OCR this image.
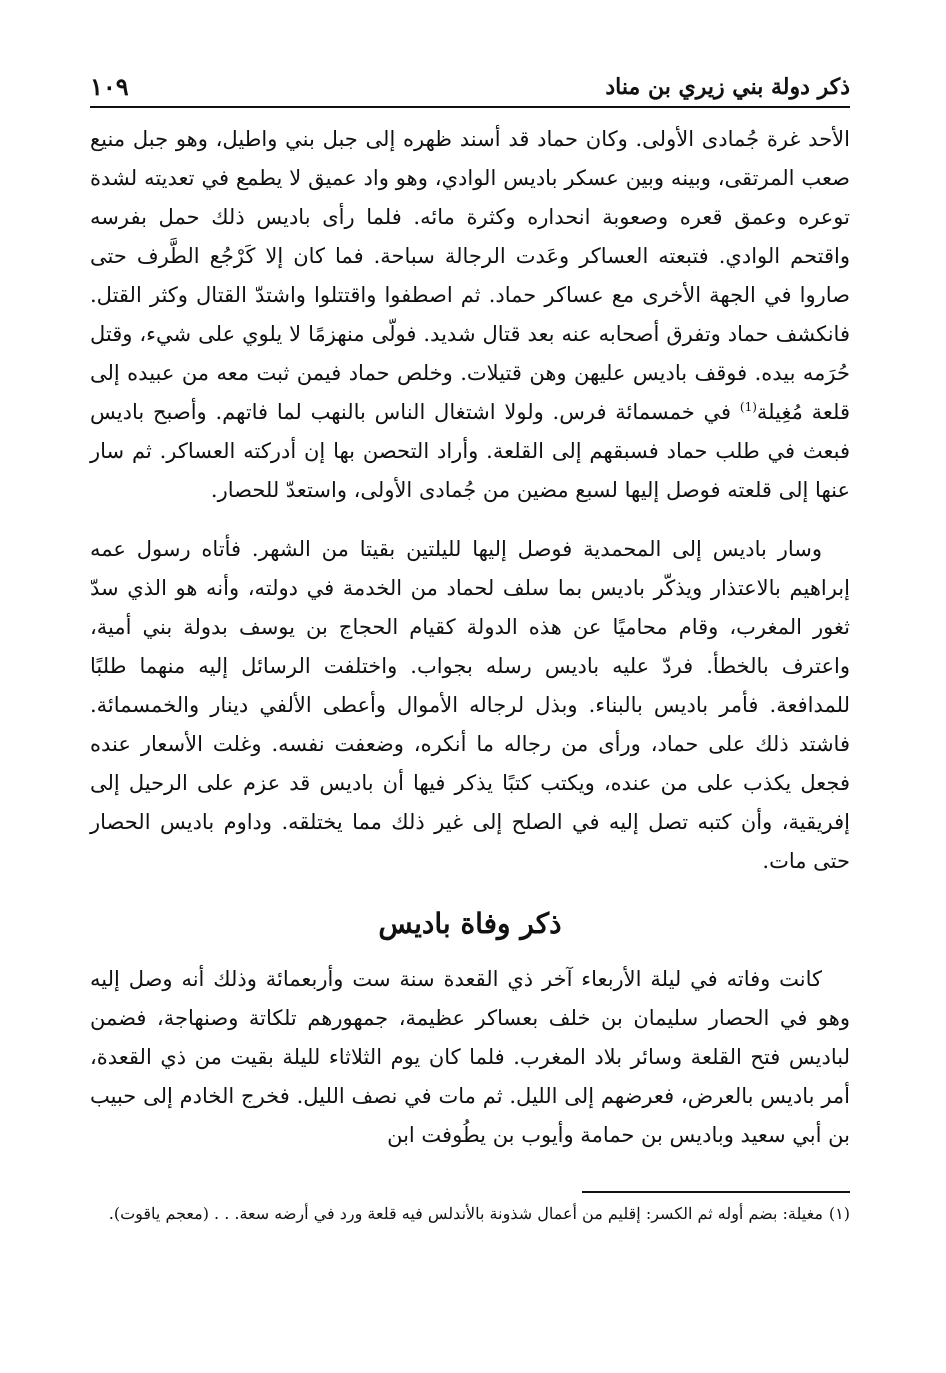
ذكر دولة بني زيري بن مناد
١٠٩

الأحد غرة جُمادى الأولى. وكان حماد قد أسند ظهره إلى جبل بني واطيل، وهو جبل منيع صعب المرتقى، وبينه وبين عسكر باديس الوادي، وهو واد عميق لا يطمع في تعديته لشدة توعره وعمق قعره وصعوبة انحداره وكثرة مائه. فلما رأى باديس ذلك حمل بفرسه واقتحم الوادي. فتبعته العساكر وعَدت الرجالة سباحة. فما كان إلا كَرْجُع الطَّرف حتى صاروا في الجهة الأخرى مع عساكر حماد. ثم اصطفوا واقتتلوا واشتدّ القتال وكثر القتل. فانكشف حماد وتفرق أصحابه عنه بعد قتال شديد. فولّى منهزمًا لا يلوي على شيء، وقتل حُرَمه بيده. فوقف باديس عليهن وهن قتيلات. وخلص حماد فيمن ثبت معه من عبيده إلى قلعة مُغِيلة$^{(1)}$ في خمسمائة فرس. ولولا اشتغال الناس بالنهب لما فاتهم. وأصبح باديس فبعث في طلب حماد فسبقهم إلى القلعة. وأراد التحصن بها إن أدركته العساكر. ثم سار عنها إلى قلعته فوصل إليها لسبع مضين من جُمادى الأولى، واستعدّ للحصار.

وسار باديس إلى المحمدية فوصل إليها لليلتين بقيتا من الشهر. فأتاه رسول عمه إبراهيم بالاعتذار ويذكّر باديس بما سلف لحماد من الخدمة في دولته، وأنه هو الذي سدّ ثغور المغرب، وقام محاميًا عن هذه الدولة كقيام الحجاج بن يوسف بدولة بني أمية، واعترف بالخطأ. فردّ عليه باديس رسله بجواب. واختلفت الرسائل إليه منهما طلبًا للمدافعة. فأمر باديس بالبناء. وبذل لرجاله الأموال وأعطى الألفي دينار والخمسمائة. فاشتد ذلك على حماد، ورأى من رجاله ما أنكره، وضعفت نفسه. وغلت الأسعار عنده فجعل يكذب على من عنده، ويكتب كتبًا يذكر فيها أن باديس قد عزم على الرحيل إلى إفريقية، وأن كتبه تصل إليه في الصلح إلى غير ذلك مما يختلقه. وداوم باديس الحصار حتى مات.

ذكر وفاة باديس

كانت وفاته في ليلة الأربعاء آخر ذي القعدة سنة ست وأربعمائة وذلك أنه وصل إليه وهو في الحصار سليمان بن خلف بعساكر عظيمة، جمهورهم تلكاتة وصنهاجة، فضمن لباديس فتح القلعة وسائر بلاد المغرب. فلما كان يوم الثلاثاء لليلة بقيت من ذي القعدة، أمر باديس بالعرض، فعرضهم إلى الليل. ثم مات في نصف الليل. فخرج الخادم إلى حبيب بن أبي سعيد وباديس بن حمامة وأيوب بن يطُوفت ابن

(١)مغيلة: بضم أوله ثم الكسر: إقليم من أعمال شذونة بالأندلس فيه قلعة ورد في أرضه سعة. . . (معجم ياقوت).
